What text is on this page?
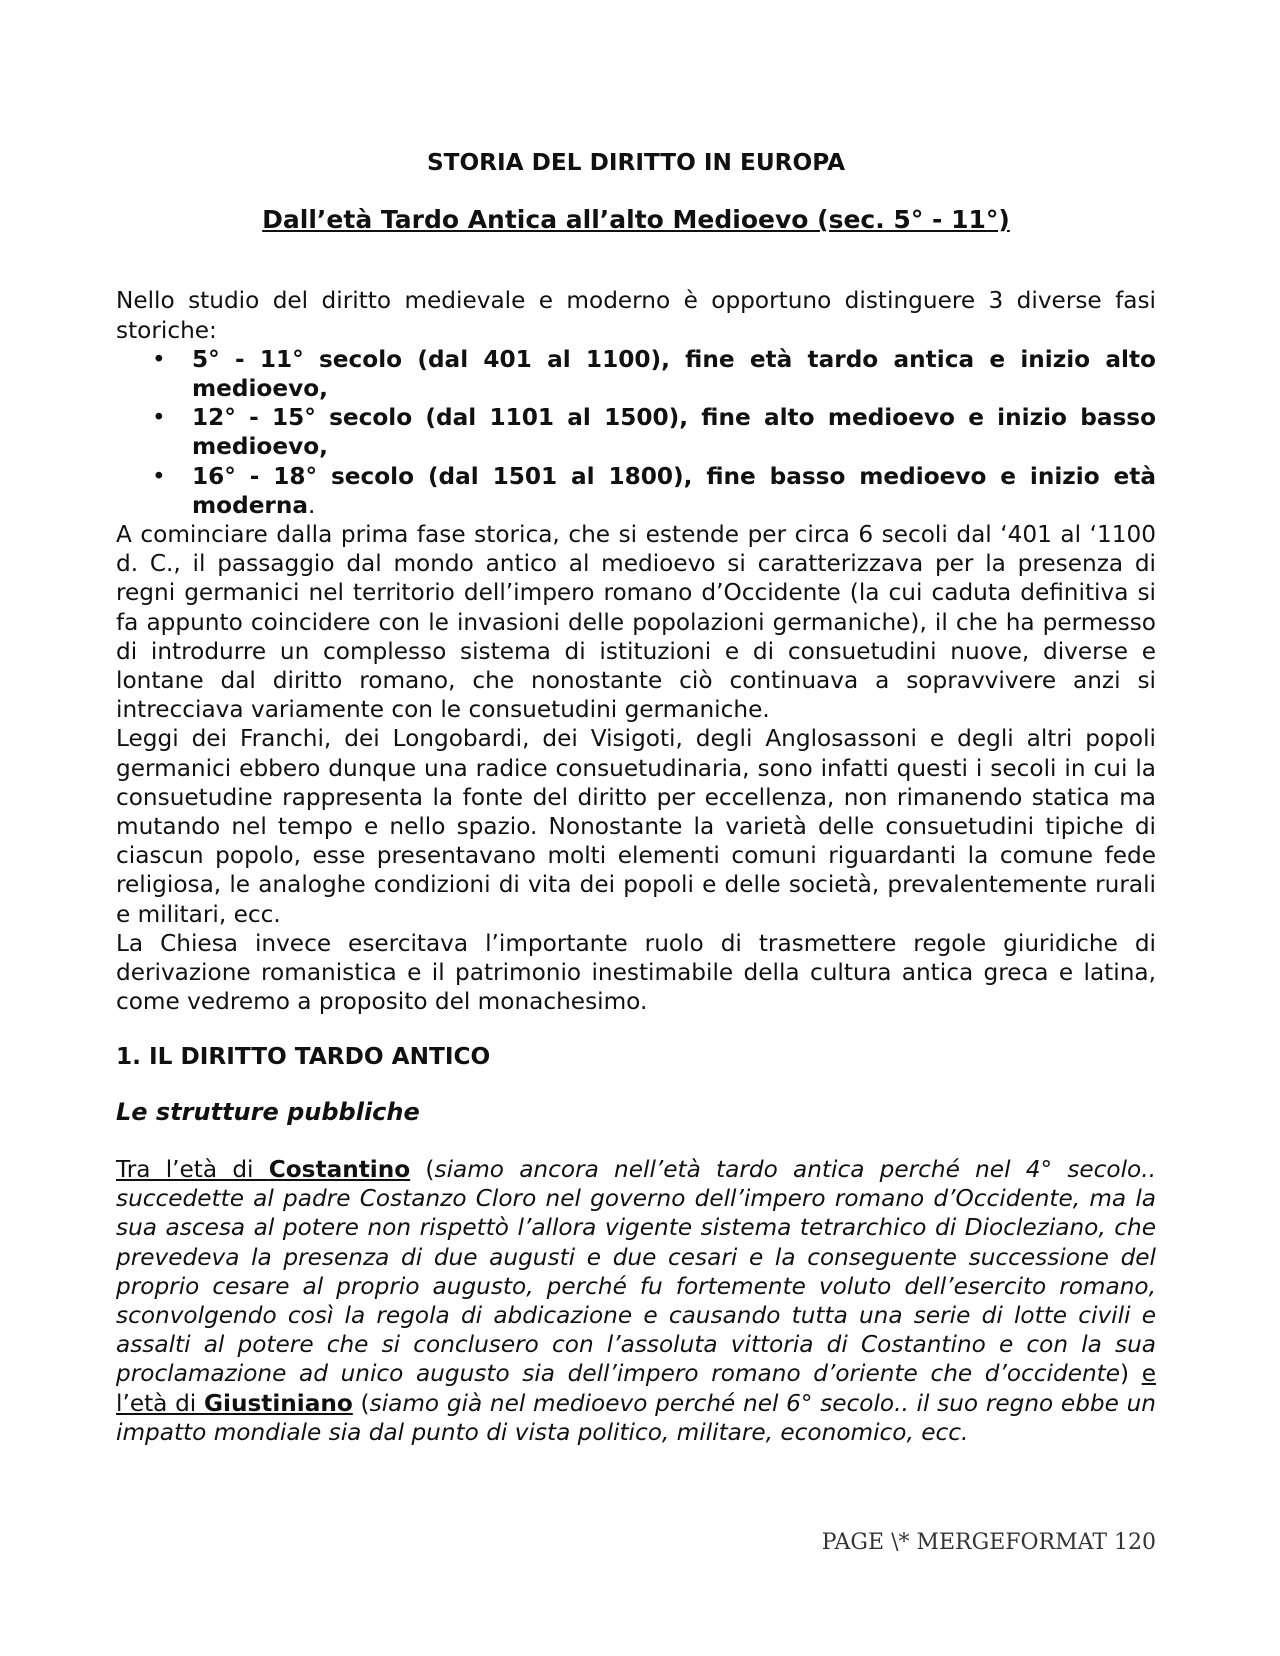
STORIA DEL DIRITTO IN EUROPA
Dall’età Tardo Antica all’alto Medioevo (sec. 5° - 11°)

Nello studio del diritto medievale e moderno è opportuno distinguere 3 diverse fasi storiche:

• 5° - 11° secolo (dal 401 al 1100), fine età tardo antica e inizio alto medioevo,
• 12° - 15° secolo (dal 1101 al 1500), fine alto medioevo e inizio basso medioevo,
• 16° - 18° secolo (dal 1501 al 1800), fine basso medioevo e inizio età moderna.

A cominciare dalla prima fase storica, che si estende per circa 6 secoli dal ‘401 al ‘1100 d. C., il passaggio dal mondo antico al medioevo si caratterizzava per la presenza di regni germanici nel territorio dell’impero romano d’Occidente (la cui caduta definitiva si fa appunto coincidere con le invasioni delle popolazioni germaniche), il che ha permesso di introdurre un complesso sistema di istituzioni e di consuetudini nuove, diverse e lontane dal diritto romano, che nonostante ciò continuava a sopravvivere anzi si intrecciava variamente con le consuetudini germaniche.

Leggi dei Franchi, dei Longobardi, dei Visigoti, degli Anglosassoni e degli altri popoli germanici ebbero dunque una radice consuetudinaria, sono infatti questi i secoli in cui la consuetudine rappresenta la fonte del diritto per eccellenza, non rimanendo statica ma mutando nel tempo e nello spazio. Nonostante la varietà delle consuetudini tipiche di ciascun popolo, esse presentavano molti elementi comuni riguardanti la comune fede religiosa, le analoghe condizioni di vita dei popoli e delle società, prevalentemente rurali e militari, ecc.

La Chiesa invece esercitava l’importante ruolo di trasmettere regole giuridiche di derivazione romanistica e il patrimonio inestimabile della cultura antica greca e latina, come vedremo a proposito del monachesimo.

1. IL DIRITTO TARDO ANTICO
Le strutture pubbliche

Tra l’età di Costantino (siamo ancora nell’età tardo antica perché nel 4° secolo.. succedette al padre Costanzo Cloro nel governo dell’impero romano d’Occidente, ma la sua ascesa al potere non rispettò l’allora vigente sistema tetrarchico di Diocleziano, che prevedeva la presenza di due augusti e due cesari e la conseguente successione del proprio cesare al proprio augusto, perché fu fortemente voluto dell’esercito romano, sconvolgendo così la regola di abdicazione e causando tutta una serie di lotte civili e assalti al potere che si conclusero con l’assoluta vittoria di Costantino e con la sua proclamazione ad unico augusto sia dell’impero romano d’oriente che d’occidente) e l’età di Giustiniano (siamo già nel medioevo perché nel 6° secolo.. il suo regno ebbe un impatto mondiale sia dal punto di vista politico, militare, economico, ecc.

PAGE \* MERGEFORMAT 120
